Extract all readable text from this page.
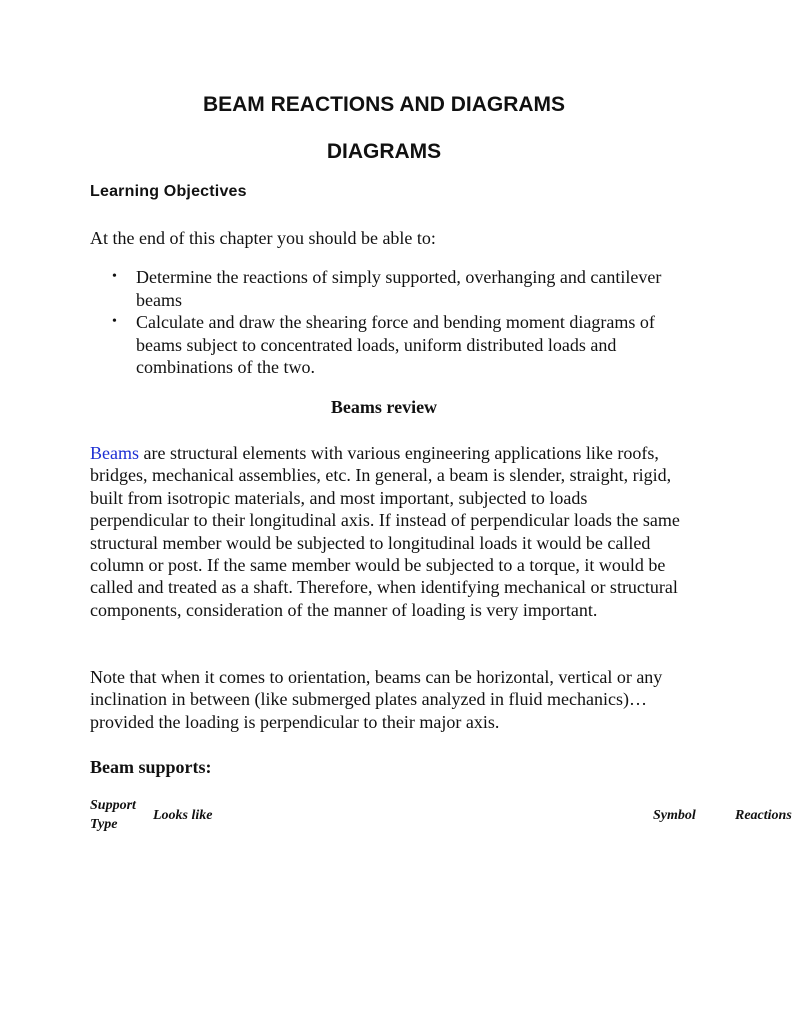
BEAM REACTIONS AND DIAGRAMS
DIAGRAMS
Learning Objectives

At the end of this chapter you should be able to:

• Determine the reactions of simply supported, overhanging and cantilever beams
• Calculate and draw the shearing force and bending moment diagrams of beams subject to concentrated loads, uniform distributed loads and combinations of the two.
Beams review

Beams are structural elements with various engineering applications like roofs, bridges, mechanical assemblies, etc. In general, a beam is slender, straight, rigid, built from isotropic materials, and most important, subjected to loads perpendicular to their longitudinal axis. If instead of perpendicular loads the same structural member would be subjected to longitudinal loads it would be called column or post. If the same member would be subjected to a torque, it would be called and treated as a shaft. Therefore, when identifying mechanical or structural components, consideration of the manner of loading is very important.

Note that when it comes to orientation, beams can be horizontal, vertical or any inclination in between (like submerged plates analyzed in fluid mechanics)… provided the loading is perpendicular to their major axis.

Beam supports:
Support Type
Looks like	Symbol	Reactions
